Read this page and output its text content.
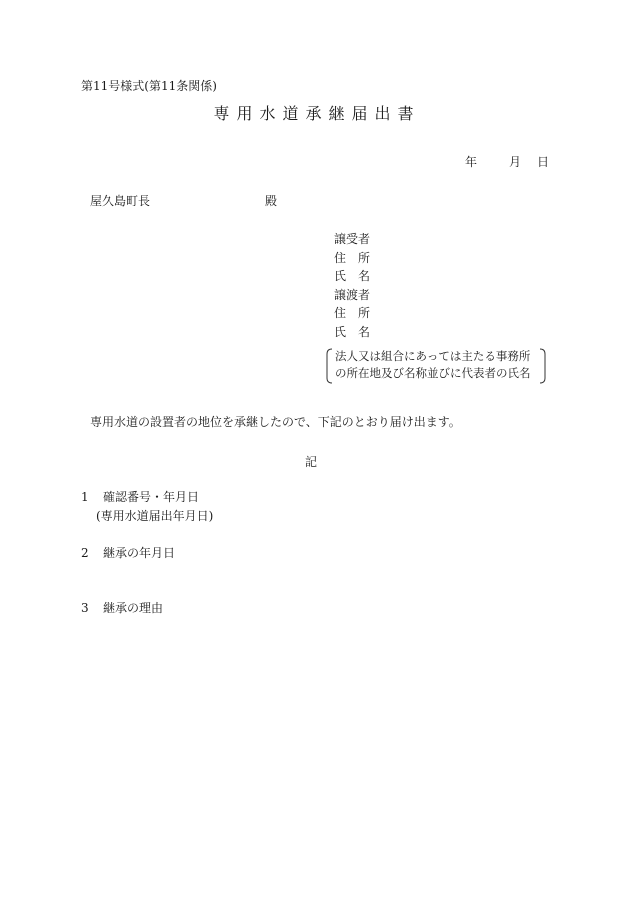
第11号様式(第11条関係)
専用水道承継届出書
年	月 日
屋久島町長	殿
譲受者
住　所
氏　名
譲渡者
住　所
氏　名
法人又は組合にあっては主たる事務所
の所在地及び名称並びに代表者の氏名
専用水道の設置者の地位を承継したので、下記のとおり届け出ます。
記
1 確認番号・年月日
(専用水道届出年月日)
2 継承の年月日
3 継承の理由
